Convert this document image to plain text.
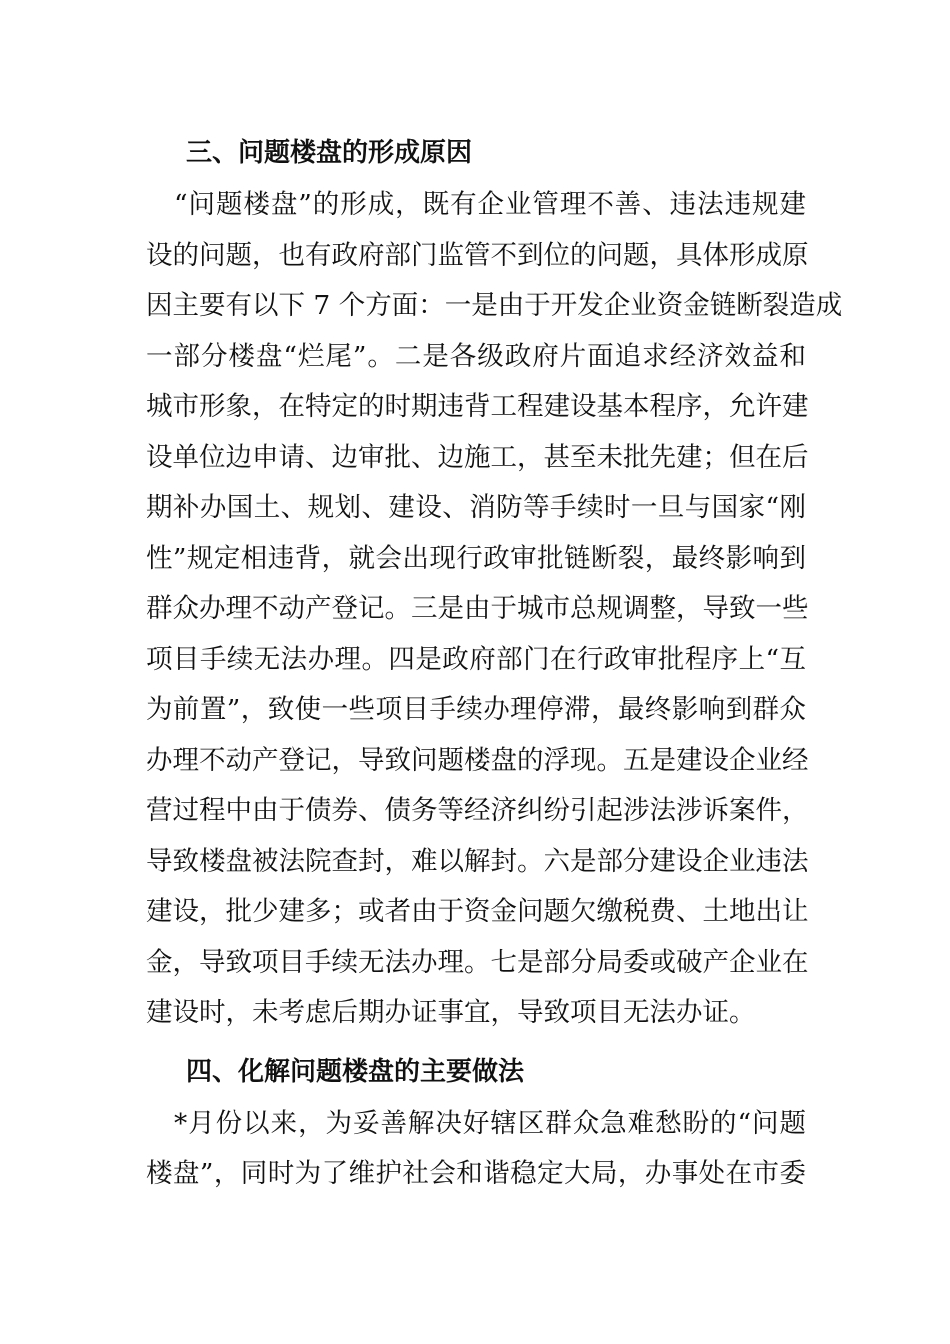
三、问题楼盘的形成原因
“问题楼盘”的形成，既有企业管理不善、违法违规建
设的问题，也有政府部门监管不到位的问题，具体形成原
因主要有以下 7 个方面：一是由于开发企业资金链断裂造成
一部分楼盘“烂尾”。二是各级政府片面追求经济效益和
城市形象，在特定的时期违背工程建设基本程序，允许建
设单位边申请、边审批、边施工，甚至未批先建；但在后
期补办国土、规划、建设、消防等手续时一旦与国家“刚
性”规定相违背，就会出现行政审批链断裂，最终影响到
群众办理不动产登记。三是由于城市总规调整，导致一些
项目手续无法办理。四是政府部门在行政审批程序上“互
为前置”，致使一些项目手续办理停滞，最终影响到群众
办理不动产登记，导致问题楼盘的浮现。五是建设企业经
营过程中由于债券、债务等经济纠纷引起涉法涉诉案件，
导致楼盘被法院查封，难以解封。六是部分建设企业违法
建设，批少建多；或者由于资金问题欠缴税费、土地出让
金，导致项目手续无法办理。七是部分局委或破产企业在
建设时，未考虑后期办证事宜，导致项目无法办证。
四、化解问题楼盘的主要做法
*月份以来，为妥善解决好辖区群众急难愁盼的“问题
楼盘”，同时为了维护社会和谐稳定大局，办事处在市委
